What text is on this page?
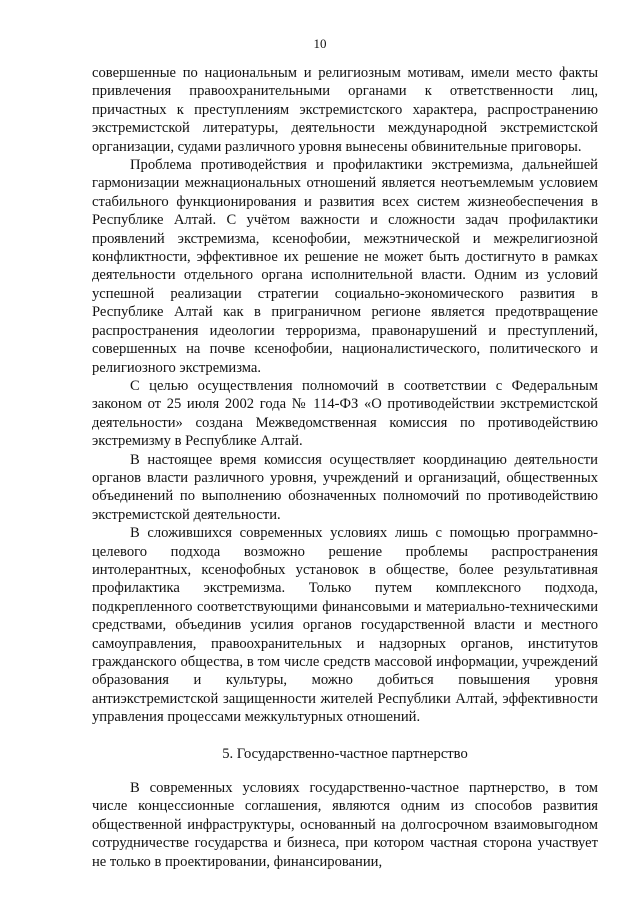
10

совершенные по национальным и религиозным мотивам, имели место факты привлечения правоохранительными органами к ответственности лиц, причастных к преступлениям экстремистского характера, распространению экстремистской литературы, деятельности международной экстремистской организации, судами различного уровня вынесены обвинительные приговоры.

Проблема противодействия и профилактики экстремизма, дальнейшей гармонизации межнациональных отношений является неотъемлемым условием стабильного функционирования и развития всех систем жизнеобеспечения в Республике Алтай. С учётом важности и сложности задач профилактики проявлений экстремизма, ксенофобии, межэтнической и межрелигиозной конфликтности, эффективное их решение не может быть достигнуто в рамках деятельности отдельного органа исполнительной власти. Одним из условий успешной реализации стратегии социально-экономического развития в Республике Алтай как в приграничном регионе является предотвращение распространения идеологии терроризма, правонарушений и преступлений, совершенных на почве ксенофобии, националистического, политического и религиозного экстремизма.

С целью осуществления полномочий в соответствии с Федеральным законом от 25 июля 2002 года № 114-ФЗ «О противодействии экстремистской деятельности» создана Межведомственная комиссия по противодействию экстремизму в Республике Алтай.

В настоящее время комиссия осуществляет координацию деятельности органов власти различного уровня, учреждений и организаций, общественных объединений по выполнению обозначенных полномочий по противодействию экстремистской деятельности.

В сложившихся современных условиях лишь с помощью программно-целевого подхода возможно решение проблемы распространения интолерантных, ксенофобных установок в обществе, более результативная профилактика экстремизма. Только путем комплексного подхода, подкрепленного соответствующими финансовыми и материально-техническими средствами, объединив усилия органов государственной власти и местного самоуправления, правоохранительных и надзорных органов, институтов гражданского общества, в том числе средств массовой информации, учреждений образования и культуры, можно добиться повышения уровня антиэкстремистской защищенности жителей Республики Алтай, эффективности управления процессами межкультурных отношений.

5. Государственно-частное партнерство

В современных условиях государственно-частное партнерство, в том числе концессионные соглашения, являются одним из способов развития общественной инфраструктуры, основанный на долгосрочном взаимовыгодном сотрудничестве государства и бизнеса, при котором частная сторона участвует не только в проектировании, финансировании,
